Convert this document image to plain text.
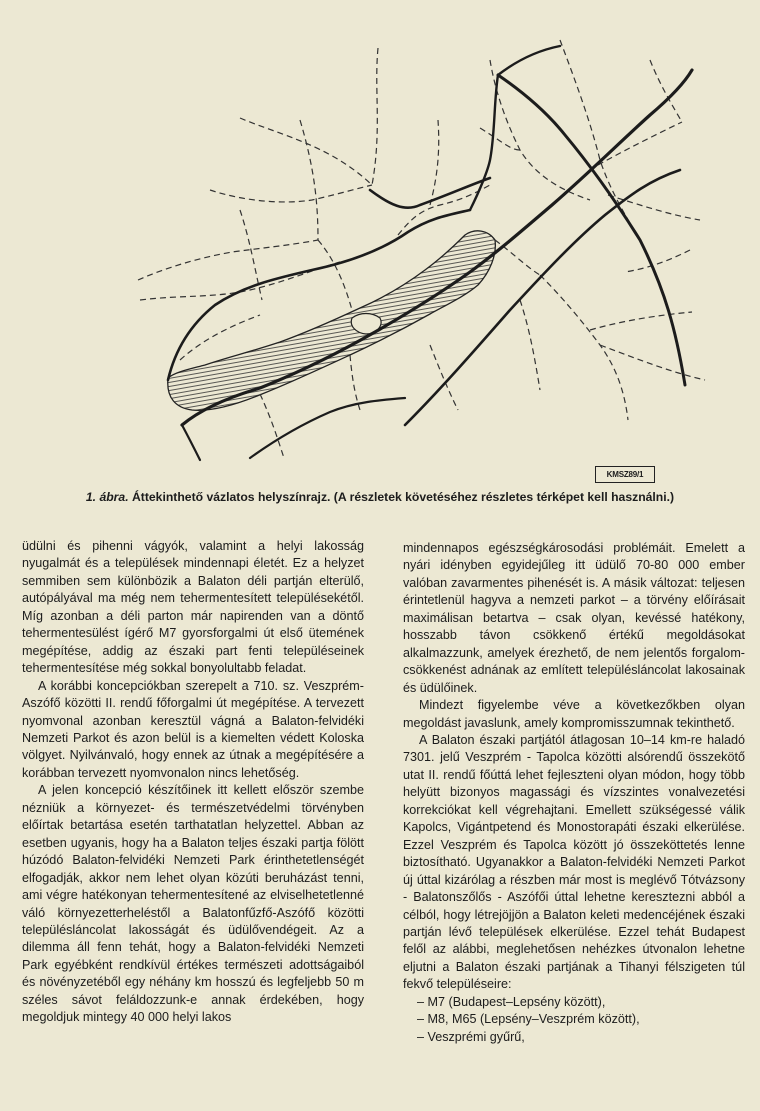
KMSZ89/1
1. ábra. Áttekinthető vázlatos helyszínrajz. (A részletek követéséhez részletes térképet kell használni.)

üdülni és pihenni vágyók, valamint a helyi lakosság nyugalmát és a települések mindennapi életét. Ez a helyzet semmiben sem különbözik a Balaton déli partján elterülő, autópályával ma még nem tehermentesített településekétől. Míg azonban a déli parton már napirenden van a döntő tehermentesülést ígérő M7 gyorsforgalmi út első ütemének megépítése, addig az északi part fenti településeinek tehermentesítése még sokkal bonyolultabb feladat.

A korábbi koncepciókban szerepelt a 710. sz. Veszprém-Aszófő közötti II. rendű főforgalmi út megépítése. A tervezett nyomvonal azonban keresztül vágná a Balaton-felvidéki Nemzeti Parkot és azon belül is a kiemelten védett Koloska völgyet. Nyilvánvaló, hogy ennek az útnak a megépítésére a korábban tervezett nyomvonalon nincs lehetőség.

A jelen koncepció készítőinek itt kellett először szembe nézniük a környezet- és természetvédelmi törvényben előírtak betartása esetén tarthatatlan helyzettel. Abban az esetben ugyanis, hogy ha a Balaton teljes északi partja fölött húzódó Balaton-felvidéki Nemzeti Park érinthetetlenségét elfogadják, akkor nem lehet olyan közúti beruházást tenni, ami végre hatékonyan tehermentesítené az elviselhetetlenné váló környezetterheléstől a Balatonfűzfő-Aszófő közötti településláncolat lakosságát és üdülővendégeit. Az a dilemma áll fenn tehát, hogy a Balaton-felvidéki Nemzeti Park egyébként rendkívül értékes természeti adottságaiból és növényzetéből egy néhány km hosszú és legfeljebb 50 m széles sávot feláldozzunk-e annak érdekében, hogy megoldjuk mintegy 40 000 helyi lakos

mindennapos egészségkárosodási problémáit. Emelett a nyári idényben egyidejűleg itt üdülő 70-80 000 ember valóban zavarmentes pihenését is. A másik változat: teljesen érintetlenül hagyva a nemzeti parkot – a törvény előírásait maximálisan betartva – csak olyan, kevéssé hatékony, hosszabb távon csökkenő értékű megoldásokat alkalmazzunk, amelyek érezhető, de nem jelentős forgalom-csökkenést adnának az említett településláncolat lakosainak és üdülőinek.

Mindezt figyelembe véve a következőkben olyan megoldást javaslunk, amely kompromisszumnak tekinthető.

A Balaton északi partjától átlagosan 10–14 km-re haladó 7301. jelű Veszprém - Tapolca közötti alsórendű összekötő utat II. rendű főúttá lehet fejleszteni olyan módon, hogy több helyütt bizonyos magassági és vízszintes vonalvezetési korrekciókat kell végrehajtani. Emellett szükségessé válik Kapolcs, Vigántpetend és Monostorapáti északi elkerülése. Ezzel Veszprém és Tapolca között jó összeköttetés lenne biztosítható. Ugyanakkor a Balaton-felvidéki Nemzeti Parkot új úttal kizárólag a részben már most is meglévő Tótvázsony - Balatonszőlős - Aszófői úttal lehetne keresztezni abból a célból, hogy létrejöjjön a Balaton keleti medencéjének északi partján lévő települések elkerülése. Ezzel tehát Budapest felől az alábbi, meglehetősen nehézkes útvonalon lehetne eljutni a Balaton északi partjának a Tihanyi félszigeten túl fekvő településeire:

– M7 (Budapest–Lepsény között),
– M8, M65 (Lepsény–Veszprém között),
– Veszprémi gyűrű,
